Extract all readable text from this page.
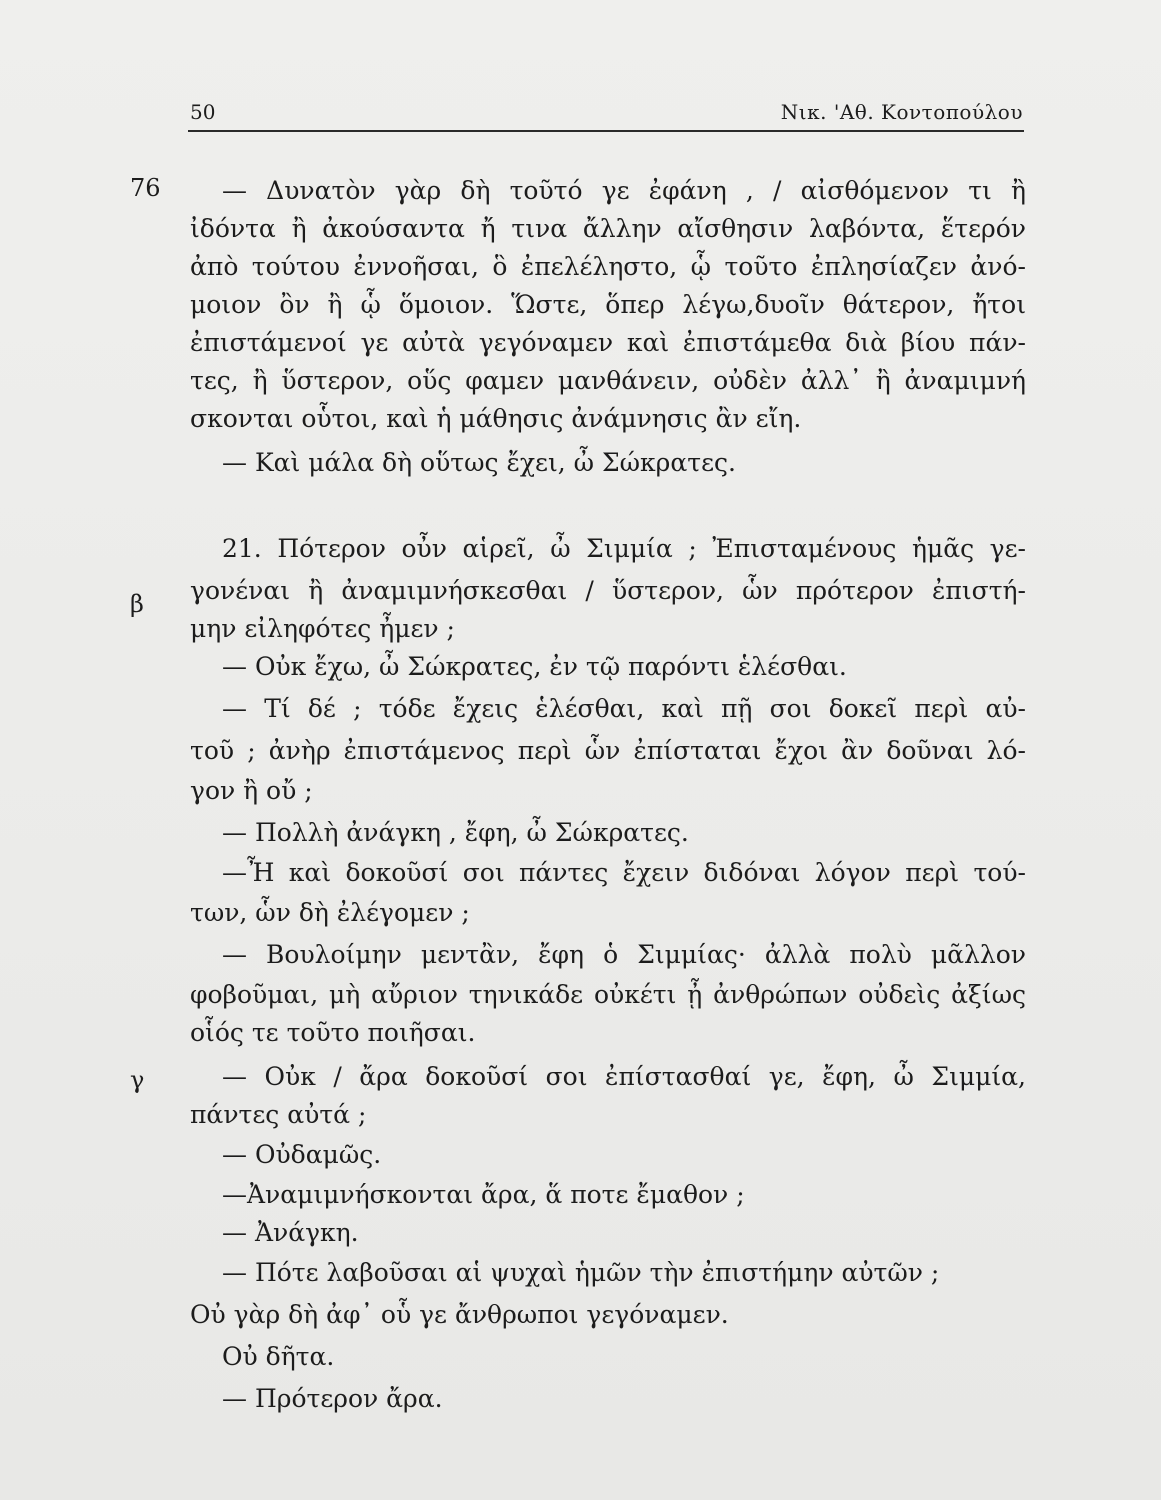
50	Νικ. 'Αθ. Κοντοπούλου
76
β
γ
— Δυνατὸν γὰρ δὴ τοῦτό γε ἐφάνη , / αἰσθόμενον τι ἢ
ἰδόντα ἢ ἀκούσαντα ἤ τινα ἄλλην αἴσθησιν λαβόντα, ἕτερόν
ἀπὸ τούτου ἐννοῆσαι, ὃ ἐπελέληστο, ᾧ τοῦτο ἐπλησίαζεν ἀνό-
μοιον ὂν ἢ ᾧ ὅμοιον. Ὥστε, ὅπερ λέγω,δυοῖν θάτερον, ἤτοι
ἐπιστάμενοί γε αὐτὰ γεγόναμεν καὶ ἐπιστάμεθα διὰ βίου πάν-
τες, ἢ ὕστερον, οὕς φαμεν μανθάνειν, οὐδὲν ἀλλ᾽ ἢ ἀναμιμνή
σκονται οὗτοι, καὶ ἡ μάθησις ἀνάμνησις ἂν εἴη.
— Καὶ μάλα δὴ οὕτως ἔχει, ὦ Σώκρατες.
21. Πότερον οὖν αἱρεῖ, ὦ Σιμμία ; Ἐπισταμένους ἡμᾶς γε-
γονέναι ἢ ἀναμιμνήσκεσθαι / ὕστερον, ὧν πρότερον ἐπιστή-
μην εἰληφότες ἦμεν ;
— Οὐκ ἔχω, ὦ Σώκρατες, ἐν τῷ παρόντι ἑλέσθαι.
— Τί δέ ; τόδε ἔχεις ἑλέσθαι, καὶ πῇ σοι δοκεῖ περὶ αὐ-
τοῦ ; ἀνὴρ ἐπιστάμενος περὶ ὧν ἐπίσταται ἔχοι ἂν δοῦναι λό-
γον ἢ οὔ ;
— Πολλὴ ἀνάγκη , ἔφη, ὦ Σώκρατες.
—Ἦ καὶ δοκοῦσί σοι πάντες ἔχειν διδόναι λόγον περὶ τού-
των, ὧν δὴ ἐλέγομεν ;
— Βουλοίμην μεντἂν, ἔφη ὁ Σιμμίας· ἀλλὰ πολὺ μᾶλλον
φοβοῦμαι, μὴ αὔριον τηνικάδε οὐκέτι ᾖ ἀνθρώπων οὐδεὶς ἀξίως
οἷός τε τοῦτο ποιῆσαι.
— Οὐκ / ἄρα δοκοῦσί σοι ἐπίστασθαί γε, ἔφη, ὦ Σιμμία,
πάντες αὐτά ;
— Οὐδαμῶς.
—Ἀναμιμνήσκονται ἄρα, ἅ ποτε ἔμαθον ;
— Ἀνάγκη.
— Πότε λαβοῦσαι αἱ ψυχαὶ ἡμῶν τὴν ἐπιστήμην αὐτῶν ;
Οὐ γὰρ δὴ ἀφ᾽ οὗ γε ἄνθρωποι γεγόναμεν.
Οὐ δῆτα.
— Πρότερον ἄρα.
